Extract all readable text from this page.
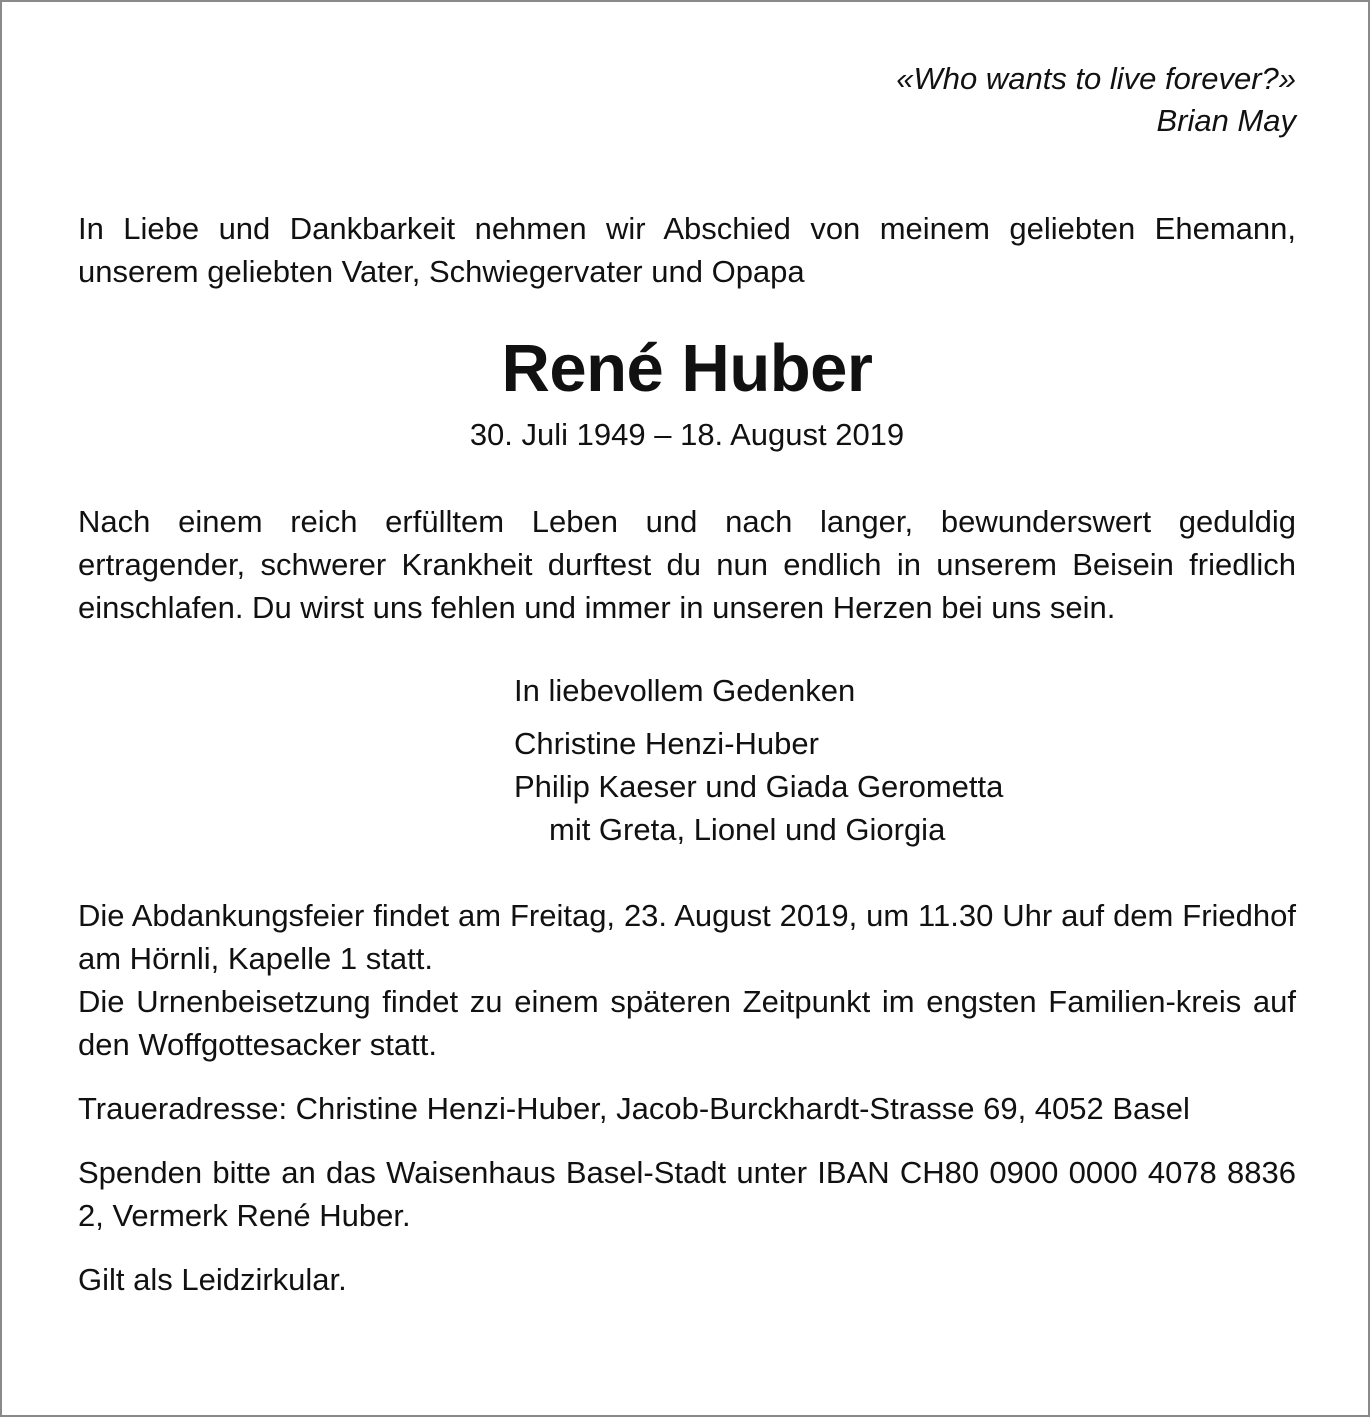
«Who wants to live forever?»
Brian May
In Liebe und Dankbarkeit nehmen wir Abschied von meinem geliebten Ehemann, unserem geliebten Vater, Schwiegervater und Opapa
René Huber
30. Juli 1949 – 18. August 2019
Nach einem reich erfülltem Leben und nach langer, bewunderswert geduldig ertragender, schwerer Krankheit durftest du nun endlich in unserem Beisein friedlich einschlafen. Du wirst uns fehlen und immer in unseren Herzen bei uns sein.
In liebevollem Gedenken
Christine Henzi-Huber
Philip Kaeser und Giada Gerometta
mit Greta, Lionel und Giorgia
Die Abdankungsfeier findet am Freitag, 23. August 2019, um 11.30 Uhr auf dem Friedhof am Hörnli, Kapelle 1 statt.
Die Urnenbeisetzung findet zu einem späteren Zeitpunkt im engsten Familien-kreis auf den Woffgottesacker statt.
Traueradresse: Christine Henzi-Huber, Jacob-Burckhardt-Strasse 69, 4052 Basel
Spenden bitte an das Waisenhaus Basel-Stadt unter IBAN CH80 0900 0000 4078 8836 2, Vermerk René Huber.
Gilt als Leidzirkular.
